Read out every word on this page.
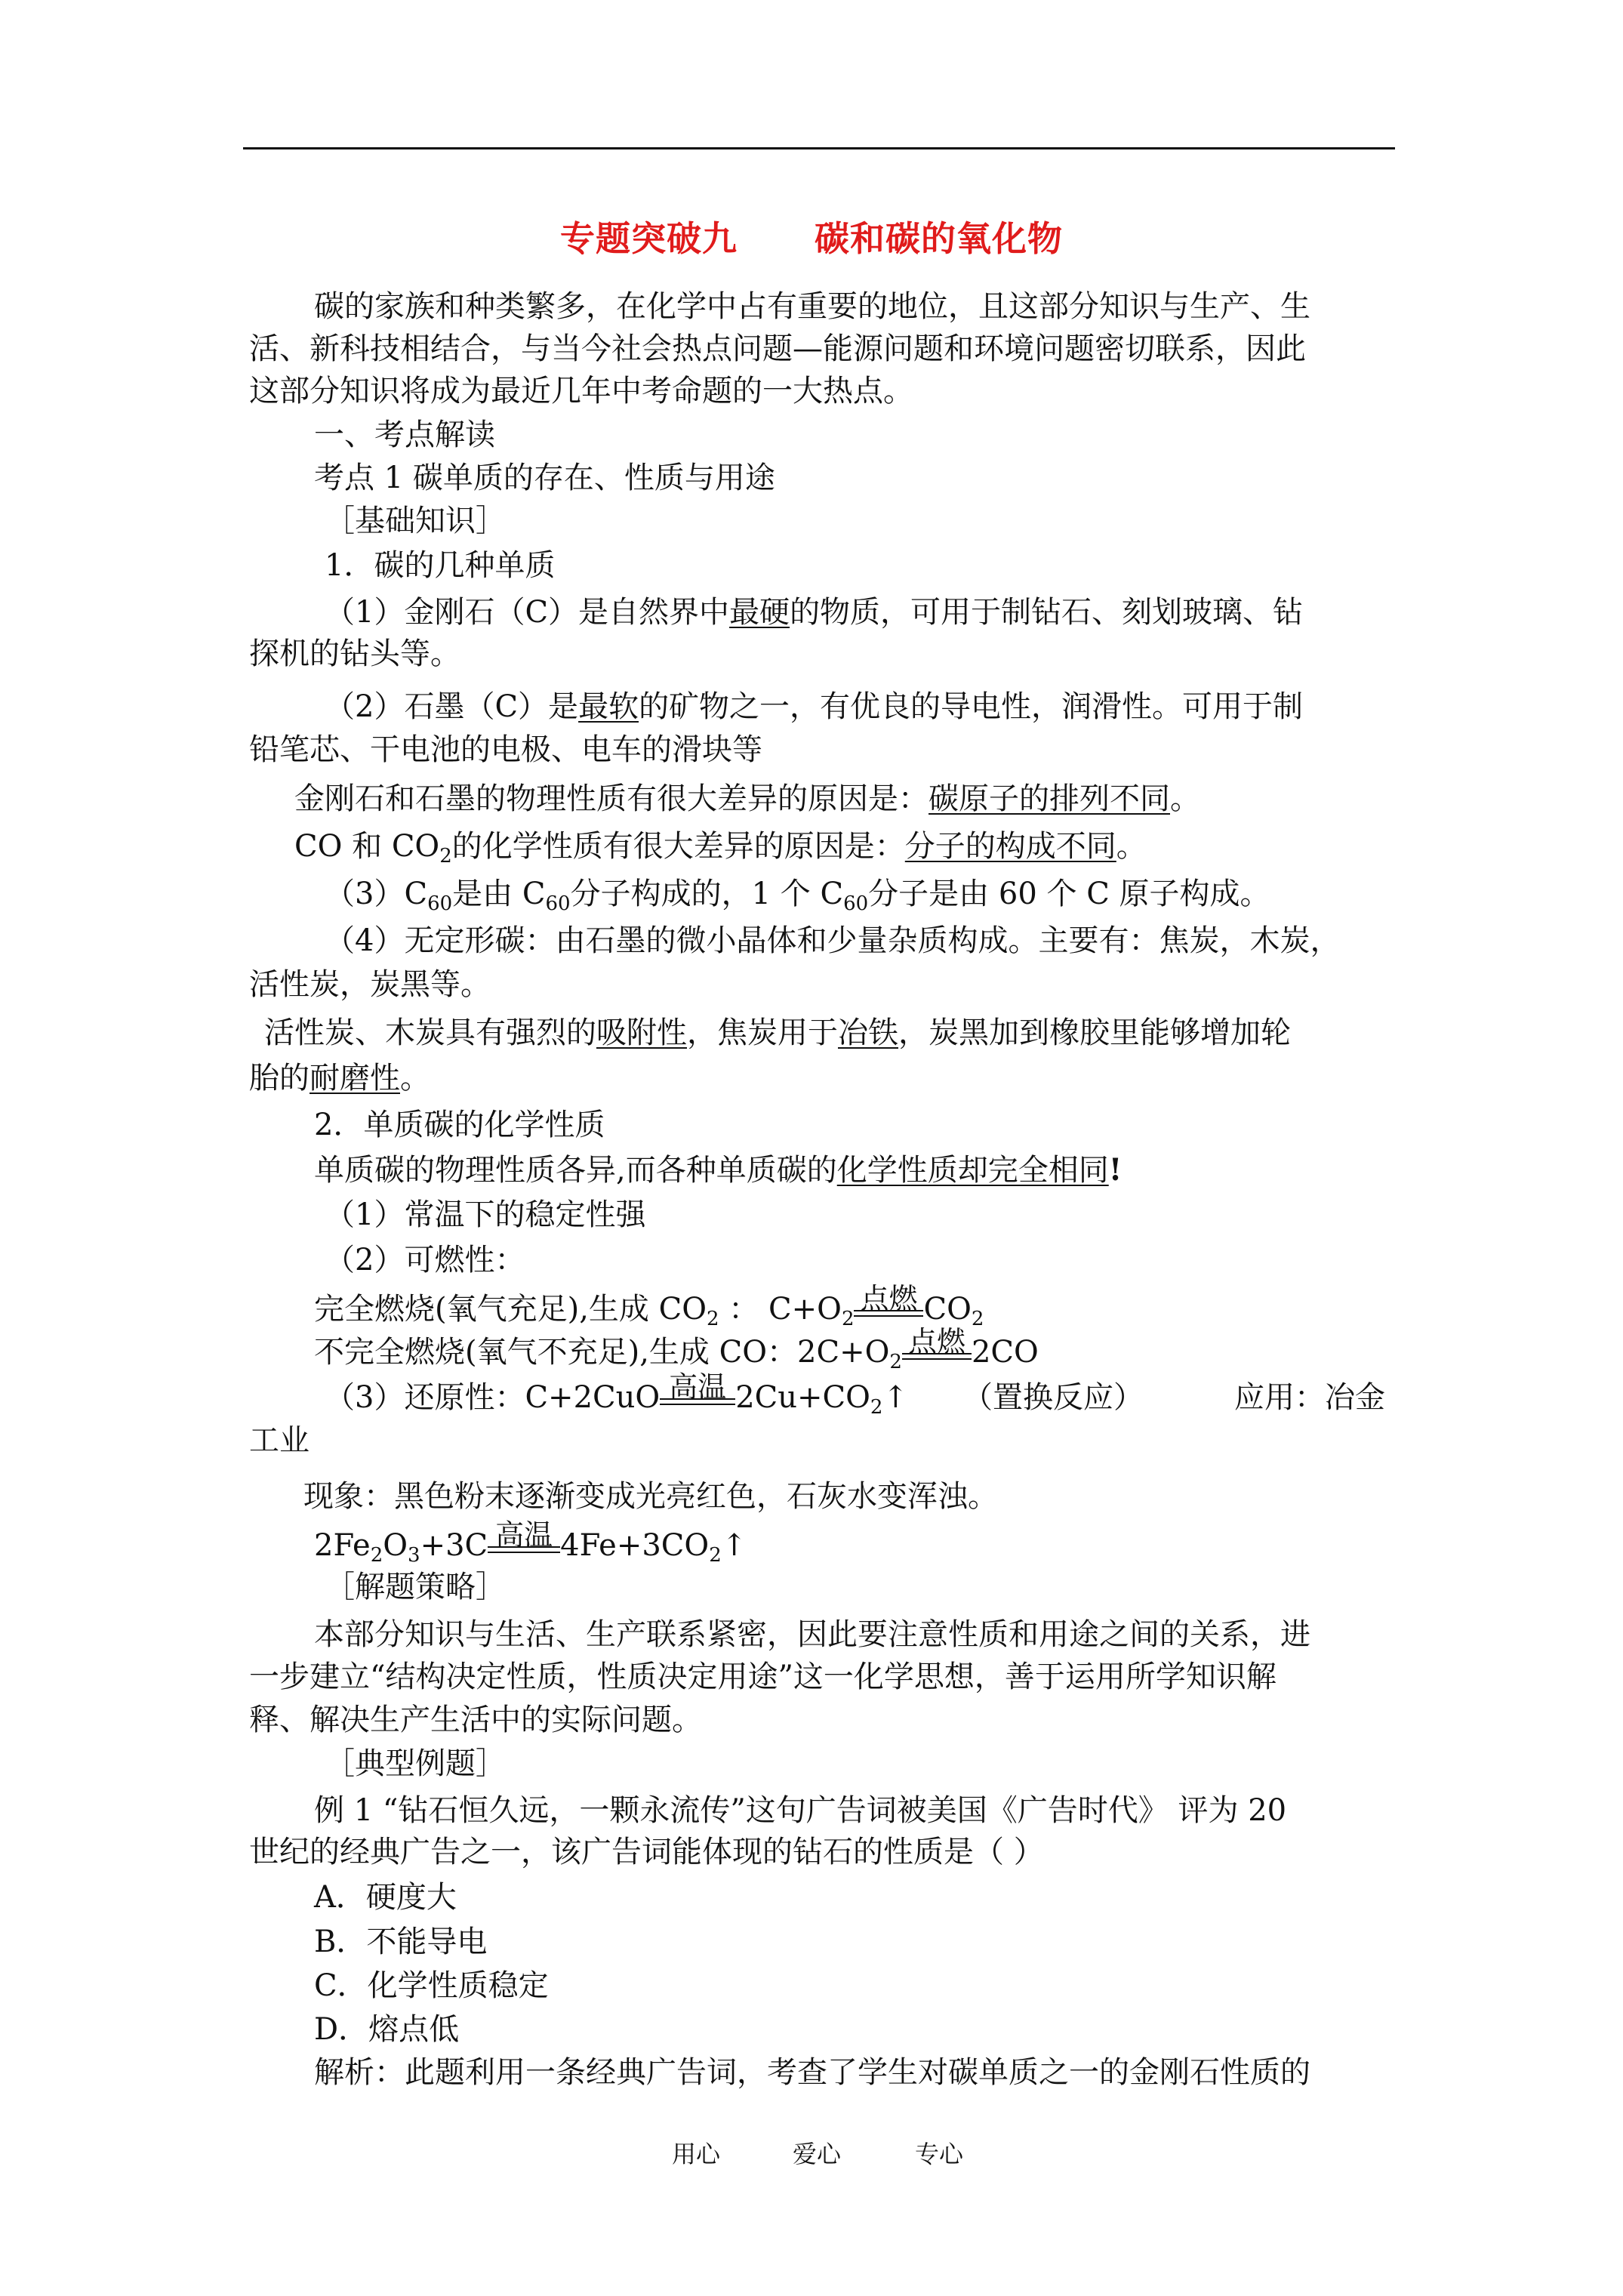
专题突破九      碳和碳的氧化物
碳的家族和种类繁多，在化学中占有重要的地位，且这部分知识与生产、生
活、新科技相结合，与当今社会热点问题—能源问题和环境问题密切联系，因此
这部分知识将成为最近几年中考命题的一大热点。
一、考点解读
考点 1 碳单质的存在、性质与用途
［基础知识］
1．碳的几种单质
（1）金刚石（C）是自然界中最硬的物质，可用于制钻石、刻划玻璃、钻
探机的钻头等。
（2）石墨（C）是最软的矿物之一，有优良的导电性，润滑性。可用于制
铅笔芯、干电池的电极、电车的滑块等
金刚石和石墨的物理性质有很大差异的原因是：碳原子的排列不同。
CO 和 $CO_2$的化学性质有很大差异的原因是：分子的构成不同。
$(3)C_{60}$是由 $C_{60}$分子构成的，1 个 $C_{60}$分子是由 60 个 C 原子构成。
（4）无定形碳：由石墨的微小晶体和少量杂质构成。主要有：焦炭，木炭，
活性炭，炭黑等。
活性炭、木炭具有强烈的吸附性，焦炭用于冶铁，炭黑加到橡胶里能够增加轮
胎的耐磨性。
2．单质碳的化学性质
单质碳的物理性质各异,而各种单质碳的化学性质却完全相同!
（1）常温下的稳定性强
（2）可燃性：
完全燃烧(氧气充足),生成 $CO_2$ ： $C+O_2$
点燃 $CO_2$
不完全燃烧(氧气不充足),生成 CO：$2C+O_2$
点燃 2CO
（3）还原性：C+2CuO 高温 $2Cu+CO_2↑$ （置换反应）	应用：冶金
工业
现象：黑色粉末逐渐变成光亮红色，石灰水变浑浊。
$2Fe_2O_3+3C$ 高温 $4Fe+3CO_2↑$
［解题策略］
本部分知识与生活、生产联系紧密，因此要注意性质和用途之间的关系，进
一步建立“结构决定性质，性质决定用途”这一化学思想，善于运用所学知识解
释、解决生产生活中的实际问题。
［典型例题］
例 1 “钻石恒久远，一颗永流传”这句广告词被美国《广告时代》 评为 20
世纪的经典广告之一，该广告词能体现的钻石的性质是（ ）
A．硬度大
B．不能导电
C．化学性质稳定
D．熔点低
解析：此题利用一条经典广告词，考查了学生对碳单质之一的金刚石性质的
用心	爱心	专心
